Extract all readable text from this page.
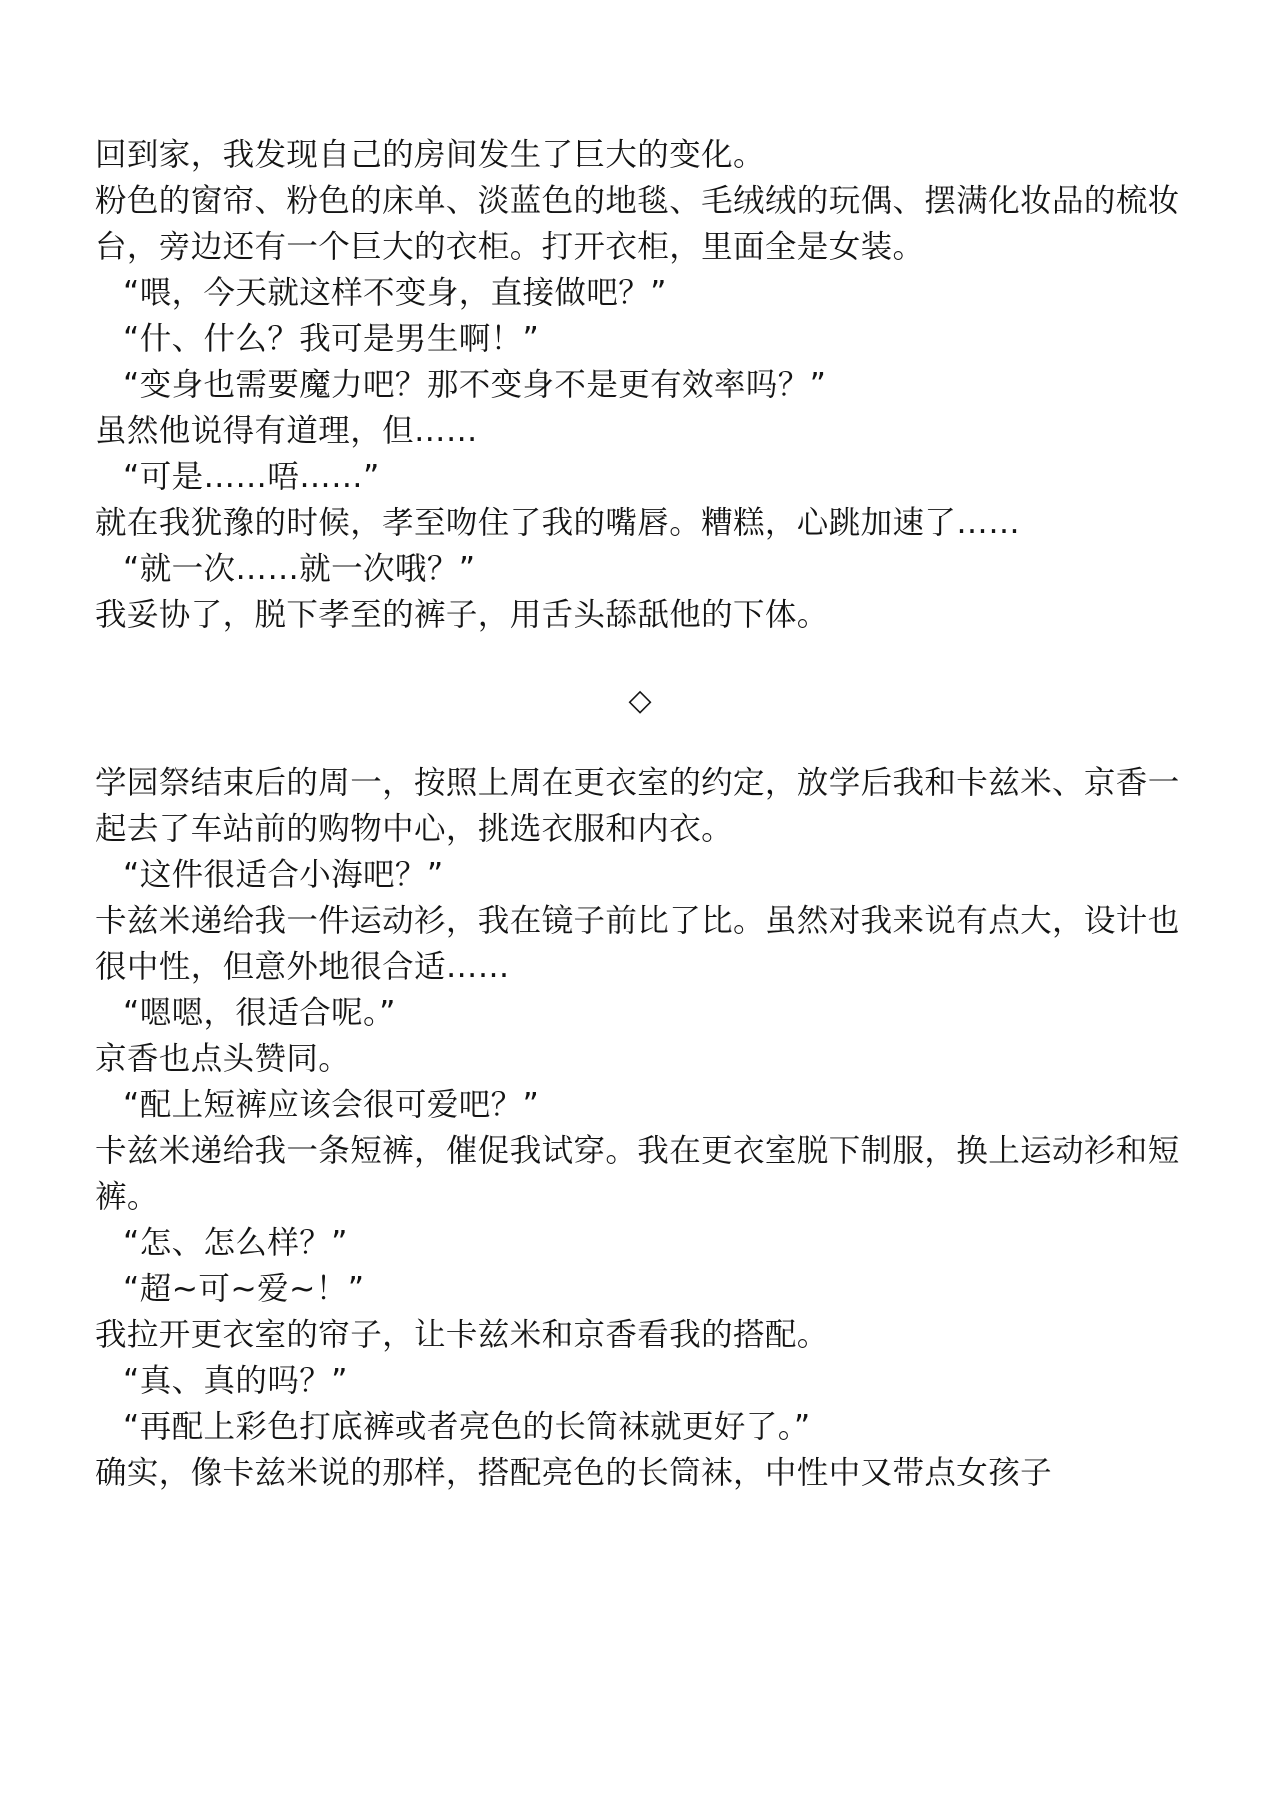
回到家，我发现自己的房间发生了巨大的变化。

粉色的窗帘、粉色的床单、淡蓝色的地毯、毛绒绒的玩偶、摆满化妆品的梳妆台，旁边还有一个巨大的衣柜。打开衣柜，里面全是女装。

“喂，今天就这样不变身，直接做吧？”

“什、什么？我可是男生啊！”

“变身也需要魔力吧？那不变身不是更有效率吗？”

虽然他说得有道理，但……

“可是……唔……”

就在我犹豫的时候，孝至吻住了我的嘴唇。糟糕，心跳加速了……

“就一次……就一次哦？”

我妥协了，脱下孝至的裤子，用舌头舔舐他的下体。

◇

学园祭结束后的周一，按照上周在更衣室的约定，放学后我和卡兹米、京香一起去了车站前的购物中心，挑选衣服和内衣。

“这件很适合小海吧？”

卡兹米递给我一件运动衫，我在镜子前比了比。虽然对我来说有点大，设计也很中性，但意外地很合适……

“嗯嗯，很适合呢。”

京香也点头赞同。

“配上短裤应该会很可爱吧？”

卡兹米递给我一条短裤，催促我试穿。我在更衣室脱下制服，换上运动衫和短裤。

“怎、怎么样？”

“超~可~爱~！”

我拉开更衣室的帘子，让卡兹米和京香看我的搭配。

“真、真的吗？”

“再配上彩色打底裤或者亮色的长筒袜就更好了。”

确实，像卡兹米说的那样，搭配亮色的长筒袜，中性中又带点女孩子
